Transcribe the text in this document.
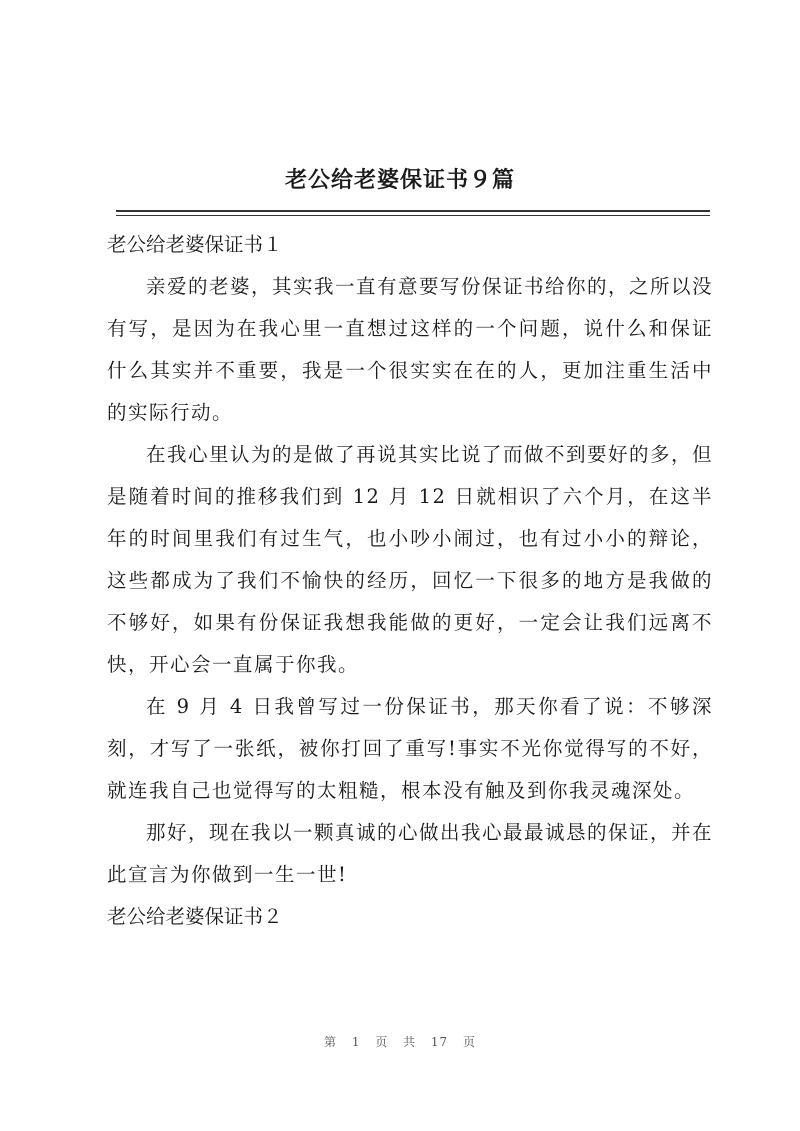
老公给老婆保证书９篇

老公给老婆保证书１

亲爱的老婆，其实我一直有意要写份保证书给你的，之所以没有写，是因为在我心里一直想过这样的一个问题，说什么和保证什么其实并不重要，我是一个很实实在在的人，更加注重生活中的实际行动。

在我心里认为的是做了再说其实比说了而做不到要好的多，但是随着时间的推移我们到 12 月 12 日就相识了六个月，在这半年的时间里我们有过生气，也小吵小闹过，也有过小小的辩论，这些都成为了我们不愉快的经历，回忆一下很多的地方是我做的不够好，如果有份保证我想我能做的更好，一定会让我们远离不快，开心会一直属于你我。

在 9 月 4 日我曾写过一份保证书，那天你看了说：不够深刻，才写了一张纸，被你打回了重写!事实不光你觉得写的不好，就连我自己也觉得写的太粗糙，根本没有触及到你我灵魂深处。

那好，现在我以一颗真诚的心做出我心最最诚恳的保证，并在此宣言为你做到一生一世!

老公给老婆保证书２

第 1 页 共 17 页
